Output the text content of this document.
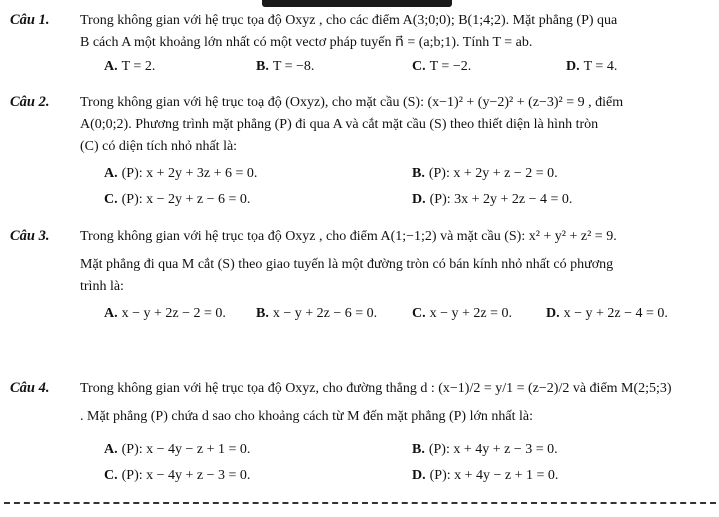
Câu 1. Trong không gian với hệ trục tọa độ Oxyz , cho các điểm A(3;0;0); B(1;4;2). Mặt phẳng (P) qua
B cách A một khoảng lớn nhất có một vectơ pháp tuyến n⃗ = (a;b;1). Tính T = ab.
A. T = 2.	B. T = −8.	C. T = −2.	D. T = 4.
Câu 2. Trong không gian với hệ trục toạ độ (Oxyz), cho mặt cầu (S): (x−1)² + (y−2)² + (z−3)² = 9 , điểm
A(0;0;2). Phương trình mặt phẳng (P) đi qua A và cắt mặt cầu (S) theo thiết diện là hình tròn
(C) có diện tích nhỏ nhất là:
A. (P): x + 2y + 3z + 6 = 0.	B. (P): x + 2y + z − 2 = 0.
C. (P): x − 2y + z − 6 = 0.	D. (P): 3x + 2y + 2z − 4 = 0.
Câu 3. Trong không gian với hệ trục tọa độ Oxyz , cho điểm A(1;−1;2) và mặt cầu (S): x² + y² + z² = 9.
Mặt phẳng đi qua M cắt (S) theo giao tuyến là một đường tròn có bán kính nhỏ nhất có phương
trình là:
A. x − y + 2z − 2 = 0. B. x − y + 2z − 6 = 0. C. x − y + 2z = 0. D. x − y + 2z − 4 = 0.
Câu 4. Trong không gian với hệ trục tọa độ Oxyz, cho đường thẳng d : (x−1)/2 = y/1 = (z−2)/2 và điểm M(2;5;3)
. Mặt phẳng (P) chứa d sao cho khoảng cách từ M đến mặt phẳng (P) lớn nhất là:
A. (P): x − 4y − z + 1 = 0.	B. (P): x + 4y + z − 3 = 0.
C. (P): x − 4y + z − 3 = 0.	D. (P): x + 4y − z + 1 = 0.
